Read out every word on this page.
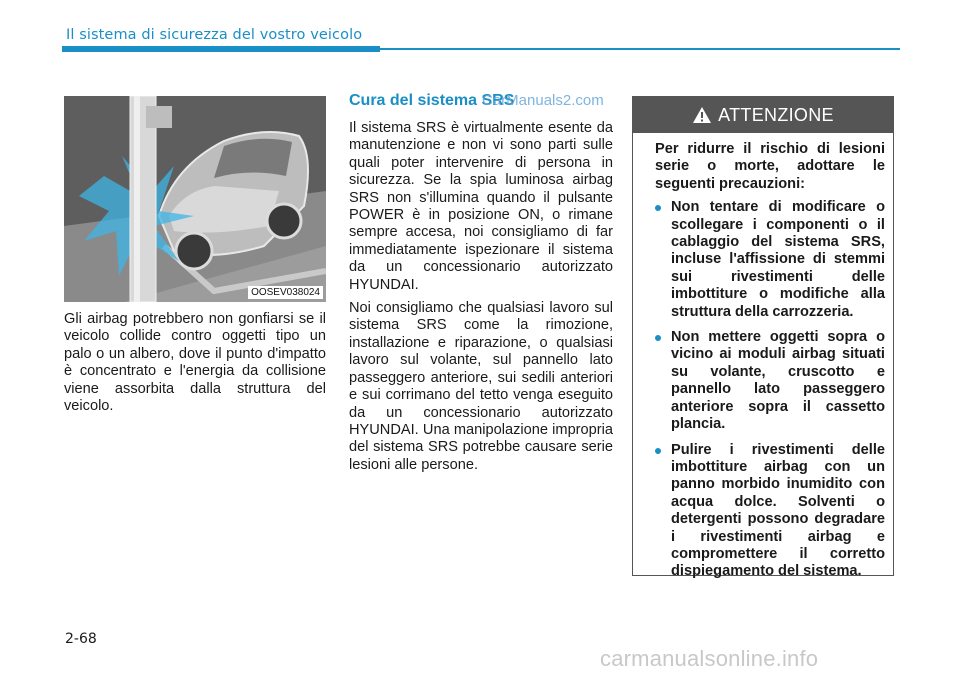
Il sistema di sicurezza del vostro veicolo
OOSEV038024

Gli airbag potrebbero non gonfiarsi se il veicolo collide contro oggetti tipo un palo o un albero, dove il punto d'impatto è concentrato e l'energia da collisione viene assorbita dalla struttura del veicolo.

Cura del sistema SRS

Il sistema SRS è virtualmente esente da manutenzione e non vi sono parti sulle quali poter intervenire di persona in sicurezza. Se la spia luminosa airbag SRS non s'illumina quando il pulsante POWER è in posizione ON, o rimane sempre accesa, noi consigliamo di far immediatamente ispezionare il sistema da un concessionario autorizzato HYUNDAI.

Noi consigliamo che qualsiasi lavoro sul sistema SRS come la rimozione, installazione e riparazione, o qualsiasi lavoro sul volante, sul pannello lato passeggero anteriore, sui sedili anteriori e sui corrimano del tetto venga eseguito da un concessionario autorizzato HYUNDAI. Una manipolazione impropria del sistema SRS potrebbe causare serie lesioni alle persone.

CarManuals2.com
ATTENZIONE

Per ridurre il rischio di lesioni serie o morte, adottare le seguenti precauzioni:

Non tentare di modificare o scollegare i componenti o il cablaggio del sistema SRS, incluse l'affissione di stemmi sui rivestimenti delle imbottiture o modifiche alla struttura della carrozzeria.
Non mettere oggetti sopra o vicino ai moduli airbag situati su volante, cruscotto e pannello lato passeggero anteriore sopra il cassetto plancia.
Pulire i rivestimenti delle imbottiture airbag con un panno morbido inumidito con acqua dolce. Solventi o detergenti possono degradare i rivestimenti airbag e compromettere il corretto dispiegamento del sistema.
2-68
carmanualsonline.info
